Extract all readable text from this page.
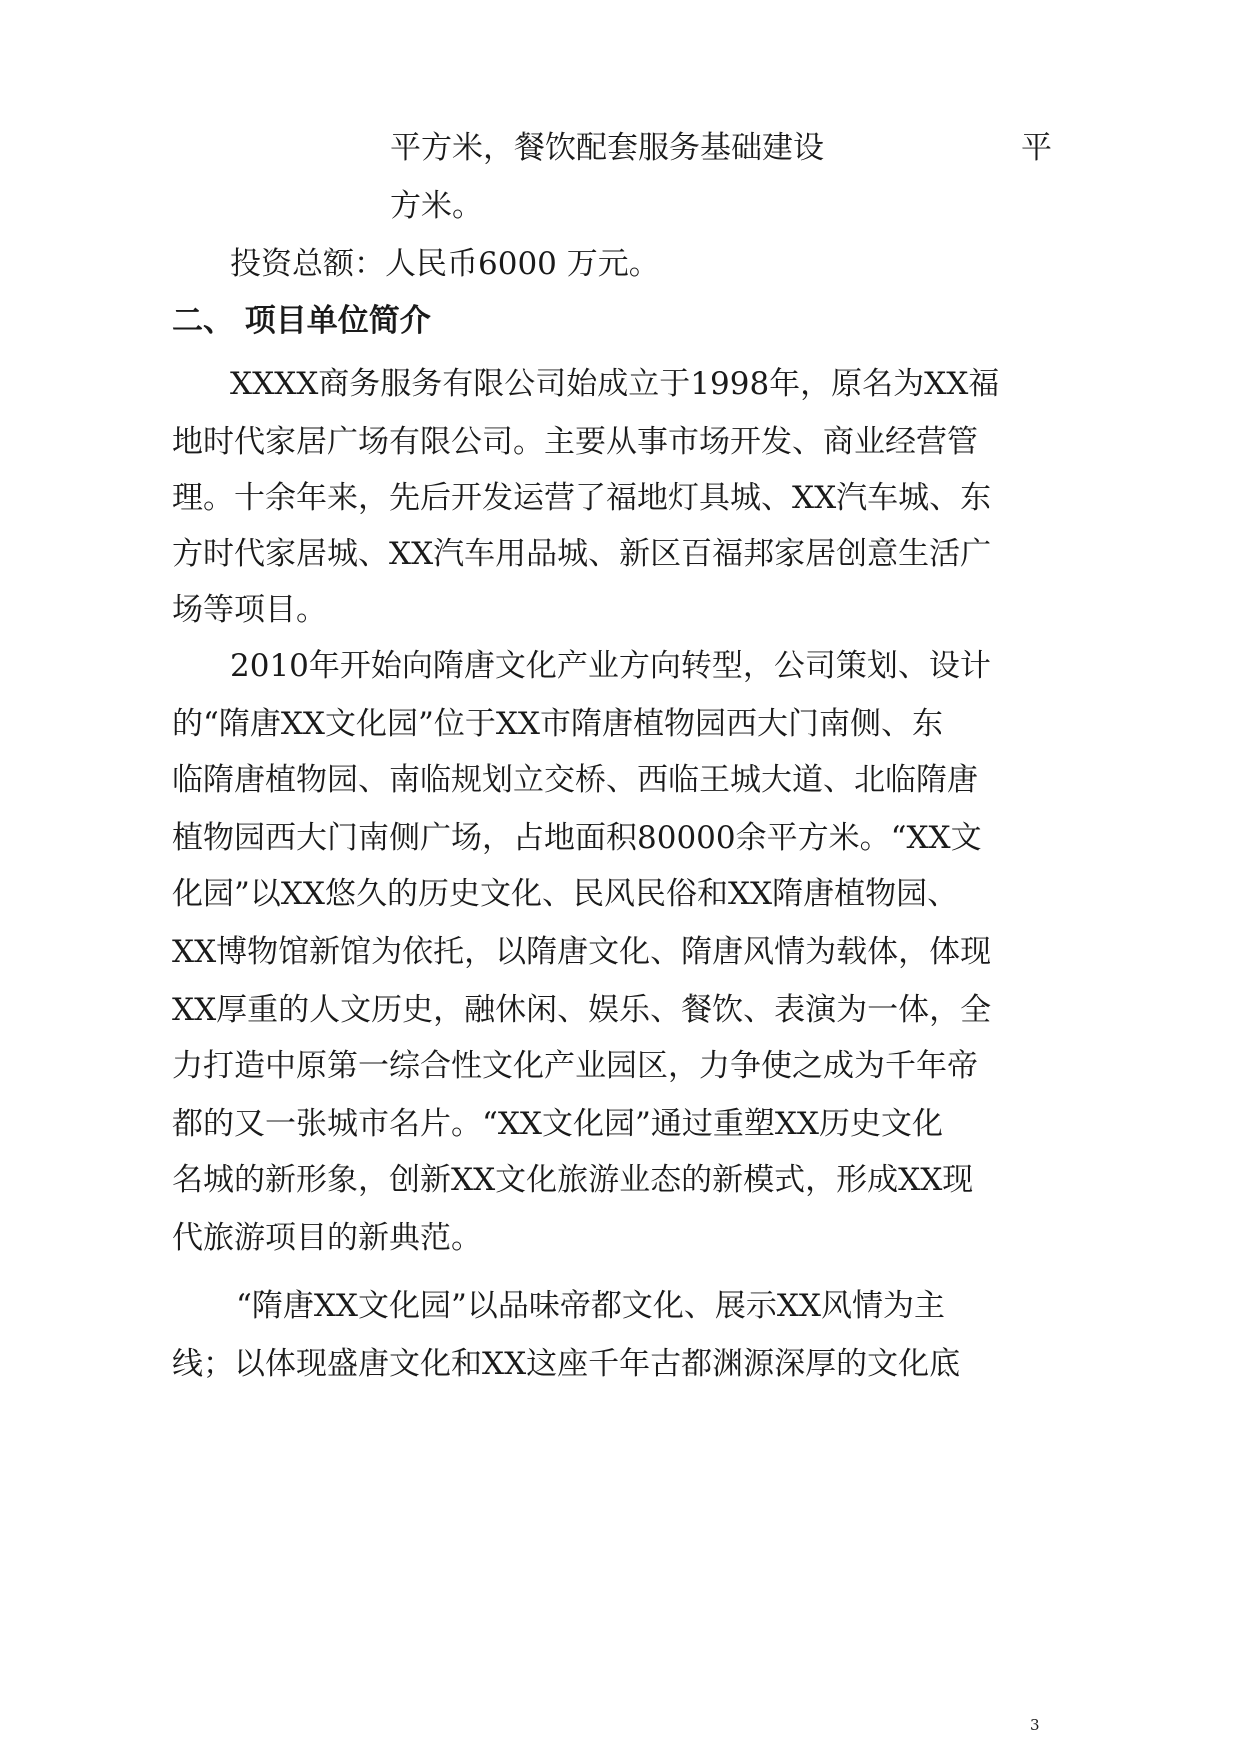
平方米，餐饮配套服务基础建设	平
方米。
投资总额：人民币6000 万元。
二、 项目单位简介
XXXX商务服务有限公司始成立于1998年，原名为XX福
地时代家居广场有限公司。主要从事市场开发、商业经营管
理。十余年来，先后开发运营了福地灯具城、XX汽车城、东
方时代家居城、XX汽车用品城、新区百福邦家居创意生活广
场等项目。
2010年开始向隋唐文化产业方向转型，公司策划、设计
的“隋唐XX文化园”位于XX市隋唐植物园西大门南侧、东
临隋唐植物园、南临规划立交桥、西临王城大道、北临隋唐
植物园西大门南侧广场，占地面积80000余平方米。“XX文
化园”以XX悠久的历史文化、民风民俗和XX隋唐植物园、
XX博物馆新馆为依托，以隋唐文化、隋唐风情为载体，体现
XX厚重的人文历史，融休闲、娱乐、餐饮、表演为一体，全
力打造中原第一综合性文化产业园区，力争使之成为千年帝
都的又一张城市名片。“XX文化园”通过重塑XX历史文化
名城的新形象，创新XX文化旅游业态的新模式，形成XX现
代旅游项目的新典范。
“隋唐XX文化园”以品味帝都文化、展示XX风情为主
线；以体现盛唐文化和XX这座千年古都渊源深厚的文化底
3
